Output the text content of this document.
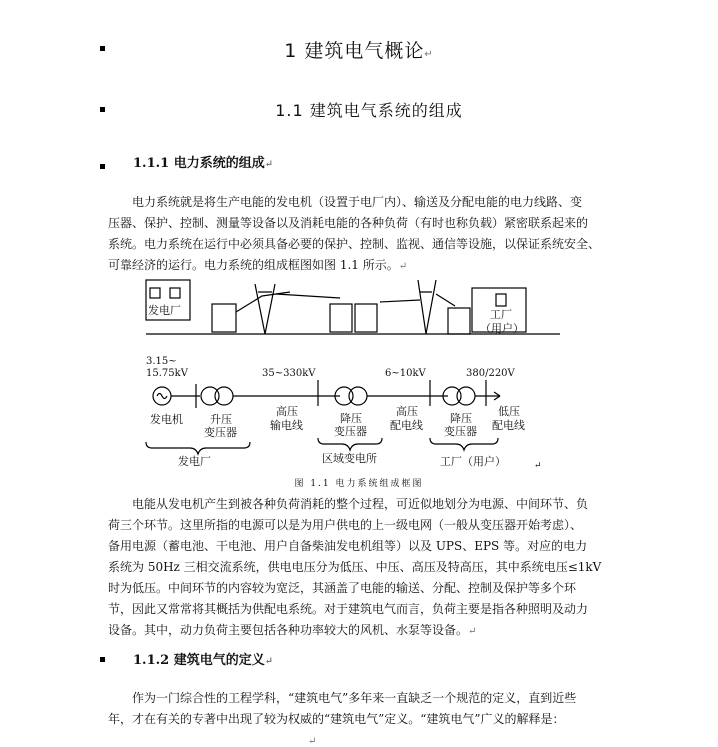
1 建筑电气概论↵
1.1 建筑电气系统的组成
1.1.1 电力系统的组成↵
电力系统就是将生产电能的发电机（设置于电厂内）、输送及分配电能的电力线路、变
压器、保护、控制、测量等设备以及消耗电能的各种负荷（有时也称负载）紧密联系起来的
系统。电力系统在运行中必须具备必要的保护、控制、监视、通信等设施，以保证系统安全、
可靠经济的运行。电力系统的组成框图如图 1.1 所示。↵
发电厂	工厂
（用户）
3.15~
15.75kV	35~330kV	6~10kV	380/220V
发电机 升压
变压器
高压
输电线
降压
变压器
高压
配电线
降压
变压器
低压
配电线
发电厂	区域变电所	工厂（用户）	↵
图 1.1 电力系统组成框图
电能从发电机产生到被各种负荷消耗的整个过程，可近似地划分为电源、中间环节、负
荷三个环节。这里所指的电源可以是为用户供电的上一级电网（一般从变压器开始考虑）、
备用电源（蓄电池、干电池、用户自备柴油发电机组等）以及 UPS、EPS 等。对应的电力
系统为 50Hz 三相交流系统，供电电压分为低压、中压、高压及特高压，其中系统电压≤1kV
时为低压。中间环节的内容较为宽泛，其涵盖了电能的输送、分配、控制及保护等多个环
节，因此又常常将其概括为供配电系统。对于建筑电气而言，负荷主要是指各种照明及动力
设备。其中，动力负荷主要包括各种功率较大的风机、水泵等设备。↵
1.1.2 建筑电气的定义↵
作为一门综合性的工程学科，“建筑电气”多年来一直缺乏一个规范的定义，直到近些
年，才在有关的专著中出现了较为权威的“建筑电气”定义。“建筑电气”广义的解释是：
↵
